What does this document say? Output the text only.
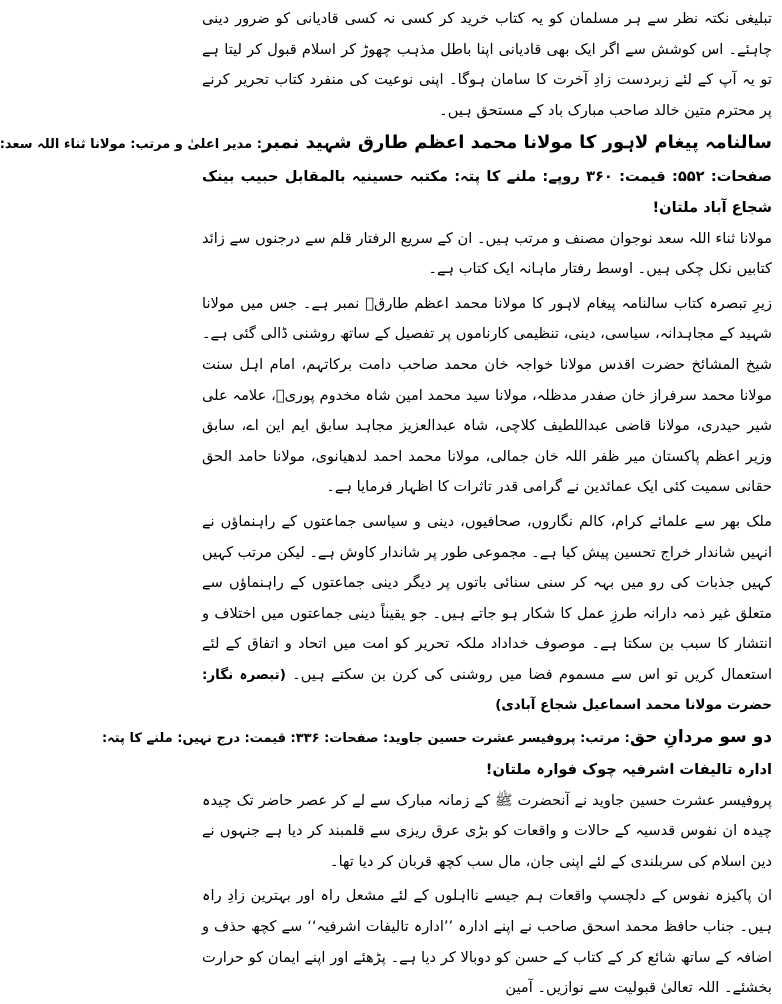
تبلیغی نکتہ نظر سے ہر مسلمان کو یہ کتاب خرید کر کسی نہ کسی قادیانی کو ضرور دینی چاہئے۔ اس کوشش سے اگر ایک بھی قادیانی اپنا باطل مذہب چھوڑ کر اسلام قبول کر لیتا ہے تو یہ آپ کے لئے زبردست زادِ آخرت کا سامان ہوگا۔ اپنی نوعیت کی منفرد کتاب تحریر کرنے پر محترم متین خالد صاحب مبارک باد کے مستحق ہیں۔

سالنامہ پیغام لاہور کا مولانا محمد اعظم طارق شہید نمبر: مدیر اعلیٰ و مرتب: مولانا ثناء اللہ سعد:

صفحات: ۵۵۲: قیمت: ۳۶۰ روپے: ملنے کا پتہ: مکتبہ حسینیہ بالمقابل حبیب بینک شجاع آباد ملتان!

مولانا ثناء اللہ سعد نوجوان مصنف و مرتب ہیں۔ ان کے سریع الرفتار قلم سے درجنوں سے زائد کتابیں نکل چکی ہیں۔ اوسط رفتار ماہانہ ایک کتاب ہے۔

زیرِ تبصرہ کتاب سالنامہ پیغام لاہور کا مولانا محمد اعظم طارقؒ نمبر ہے۔ جس میں مولانا شہید کے مجاہدانہ، سیاسی، دینی، تنظیمی کارناموں پر تفصیل کے ساتھ روشنی ڈالی گئی ہے۔ شیخ المشائخ حضرت اقدس مولانا خواجہ خان محمد صاحب دامت برکاتہم، امام اہل سنت مولانا محمد سرفراز خان صفدر مدظلہ، مولانا سید محمد امین شاہ مخدوم پوریؒ، علامہ علی شیر حیدری، مولانا قاضی عبداللطیف کلاچی، شاہ عبدالعزیز مجاہد سابق ایم این اے، سابق وزیر اعظم پاکستان میر ظفر اللہ خان جمالی، مولانا محمد احمد لدھیانوی، مولانا حامد الحق حقانی سمیت کئی ایک عمائدین نے گرامی قدر تاثرات کا اظہار فرمایا ہے۔

ملک بھر سے علمائے کرام، کالم نگاروں، صحافیوں، دینی و سیاسی جماعتوں کے راہنماؤں نے انہیں شاندار خراج تحسین پیش کیا ہے۔ مجموعی طور پر شاندار کاوش ہے۔ لیکن مرتب کہیں کہیں جذبات کی رو میں بہہ کر سنی سنائی باتوں پر دیگر دینی جماعتوں کے راہنماؤں سے متعلق غیر ذمہ دارانہ طرزِ عمل کا شکار ہو جاتے ہیں۔ جو یقیناً دینی جماعتوں میں اختلاف و انتشار کا سبب بن سکتا ہے۔ موصوف خداداد ملکہ تحریر کو امت میں اتحاد و اتفاق کے لئے استعمال کریں تو اس سے مسموم فضا میں روشنی کی کرن بن سکتے ہیں۔ (تبصرہ نگار: حضرت مولانا محمد اسماعیل شجاع آبادی)

دو سو مردانِ حق: مرتب: پروفیسر عشرت حسین جاوید: صفحات: ۳۳۶: قیمت: درج نہیں: ملنے کا پتہ:

ادارہ تالیفات اشرفیہ چوک فوارہ ملتان!

پروفیسر عشرت حسین جاوید نے آنحضرت ﷺ کے زمانہ مبارک سے لے کر عصر حاضر تک چیدہ چیدہ ان نفوس قدسیہ کے حالات و واقعات کو بڑی عرق ریزی سے قلمبند کر دیا ہے جنہوں نے دین اسلام کی سربلندی کے لئے اپنی جان، مال سب کچھ قربان کر دیا تھا۔

ان پاکیزہ نفوس کے دلچسپ واقعات ہم جیسے نااہلوں کے لئے مشعل راہ اور بہترین زادِ راہ ہیں۔ جناب حافظ محمد اسحق صاحب نے اپنے ادارہ ’’ادارہ تالیفات اشرفیہ‘‘ سے کچھ حذف و اضافہ کے ساتھ شائع کر کے کتاب کے حسن کو دوبالا کر دیا ہے۔ پڑھئے اور اپنے ایمان کو حرارت بخشئے۔ اللہ تعالیٰ قبولیت سے نوازیں۔ آمین
